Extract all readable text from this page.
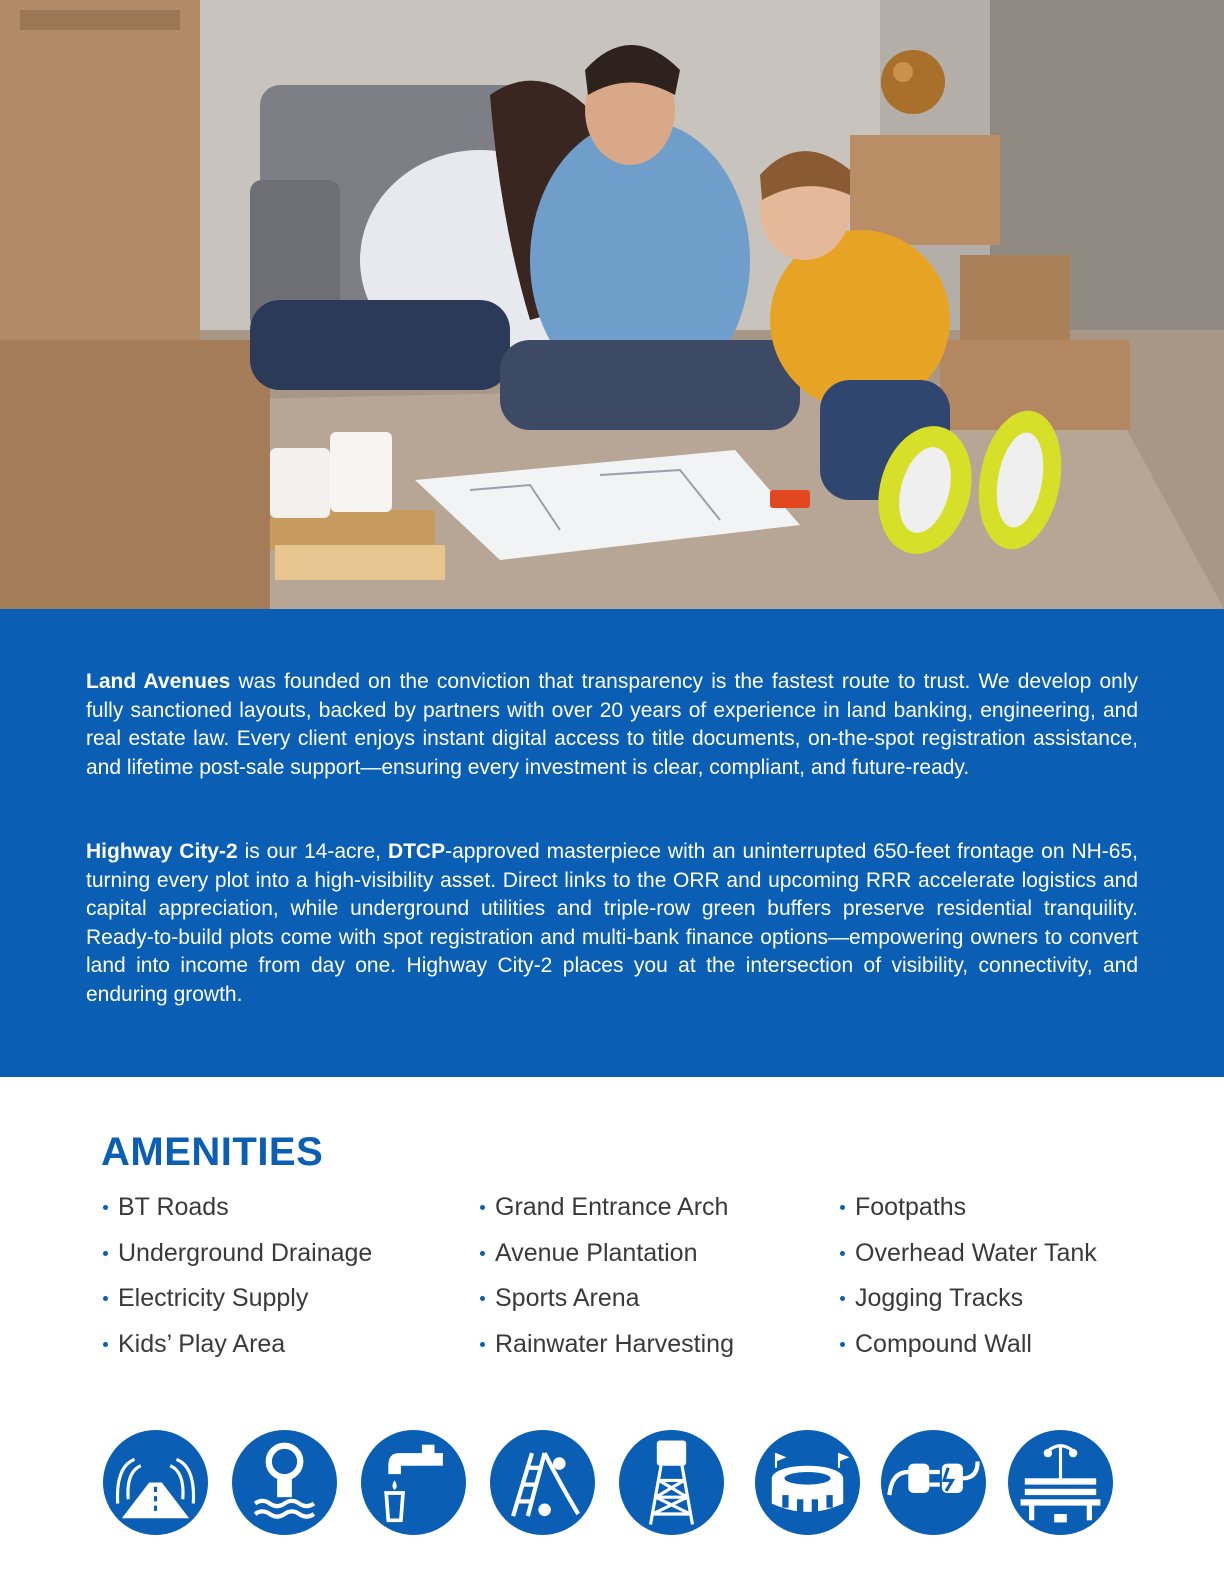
Land Avenues was founded on the conviction that transparency is the fastest route to trust. We develop only fully sanctioned layouts, backed by partners with over 20 years of experience in land banking, engineering, and real estate law. Every client enjoys instant digital access to title documents, on-the-spot registration assistance, and lifetime post-sale support—ensuring every investment is clear, compliant, and future-ready.

Highway City-2 is our 14-acre, DTCP-approved masterpiece with an uninterrupted 650-feet frontage on NH-65, turning every plot into a high-visibility asset. Direct links to the ORR and upcoming RRR accelerate logistics and capital appreciation, while underground utilities and triple-row green buffers preserve residential tranquility. Ready-to-build plots come with spot registration and multi-bank finance options—empowering owners to convert land into income from day one. Highway City-2 places you at the intersection of visibility, connectivity, and enduring growth.

AMENITIES
BT Roads
Underground Drainage
Electricity Supply
Kids’ Play Area
Grand Entrance Arch
Avenue Plantation
Sports Arena
Rainwater Harvesting
Footpaths
Overhead Water Tank
Jogging Tracks
Compound Wall
